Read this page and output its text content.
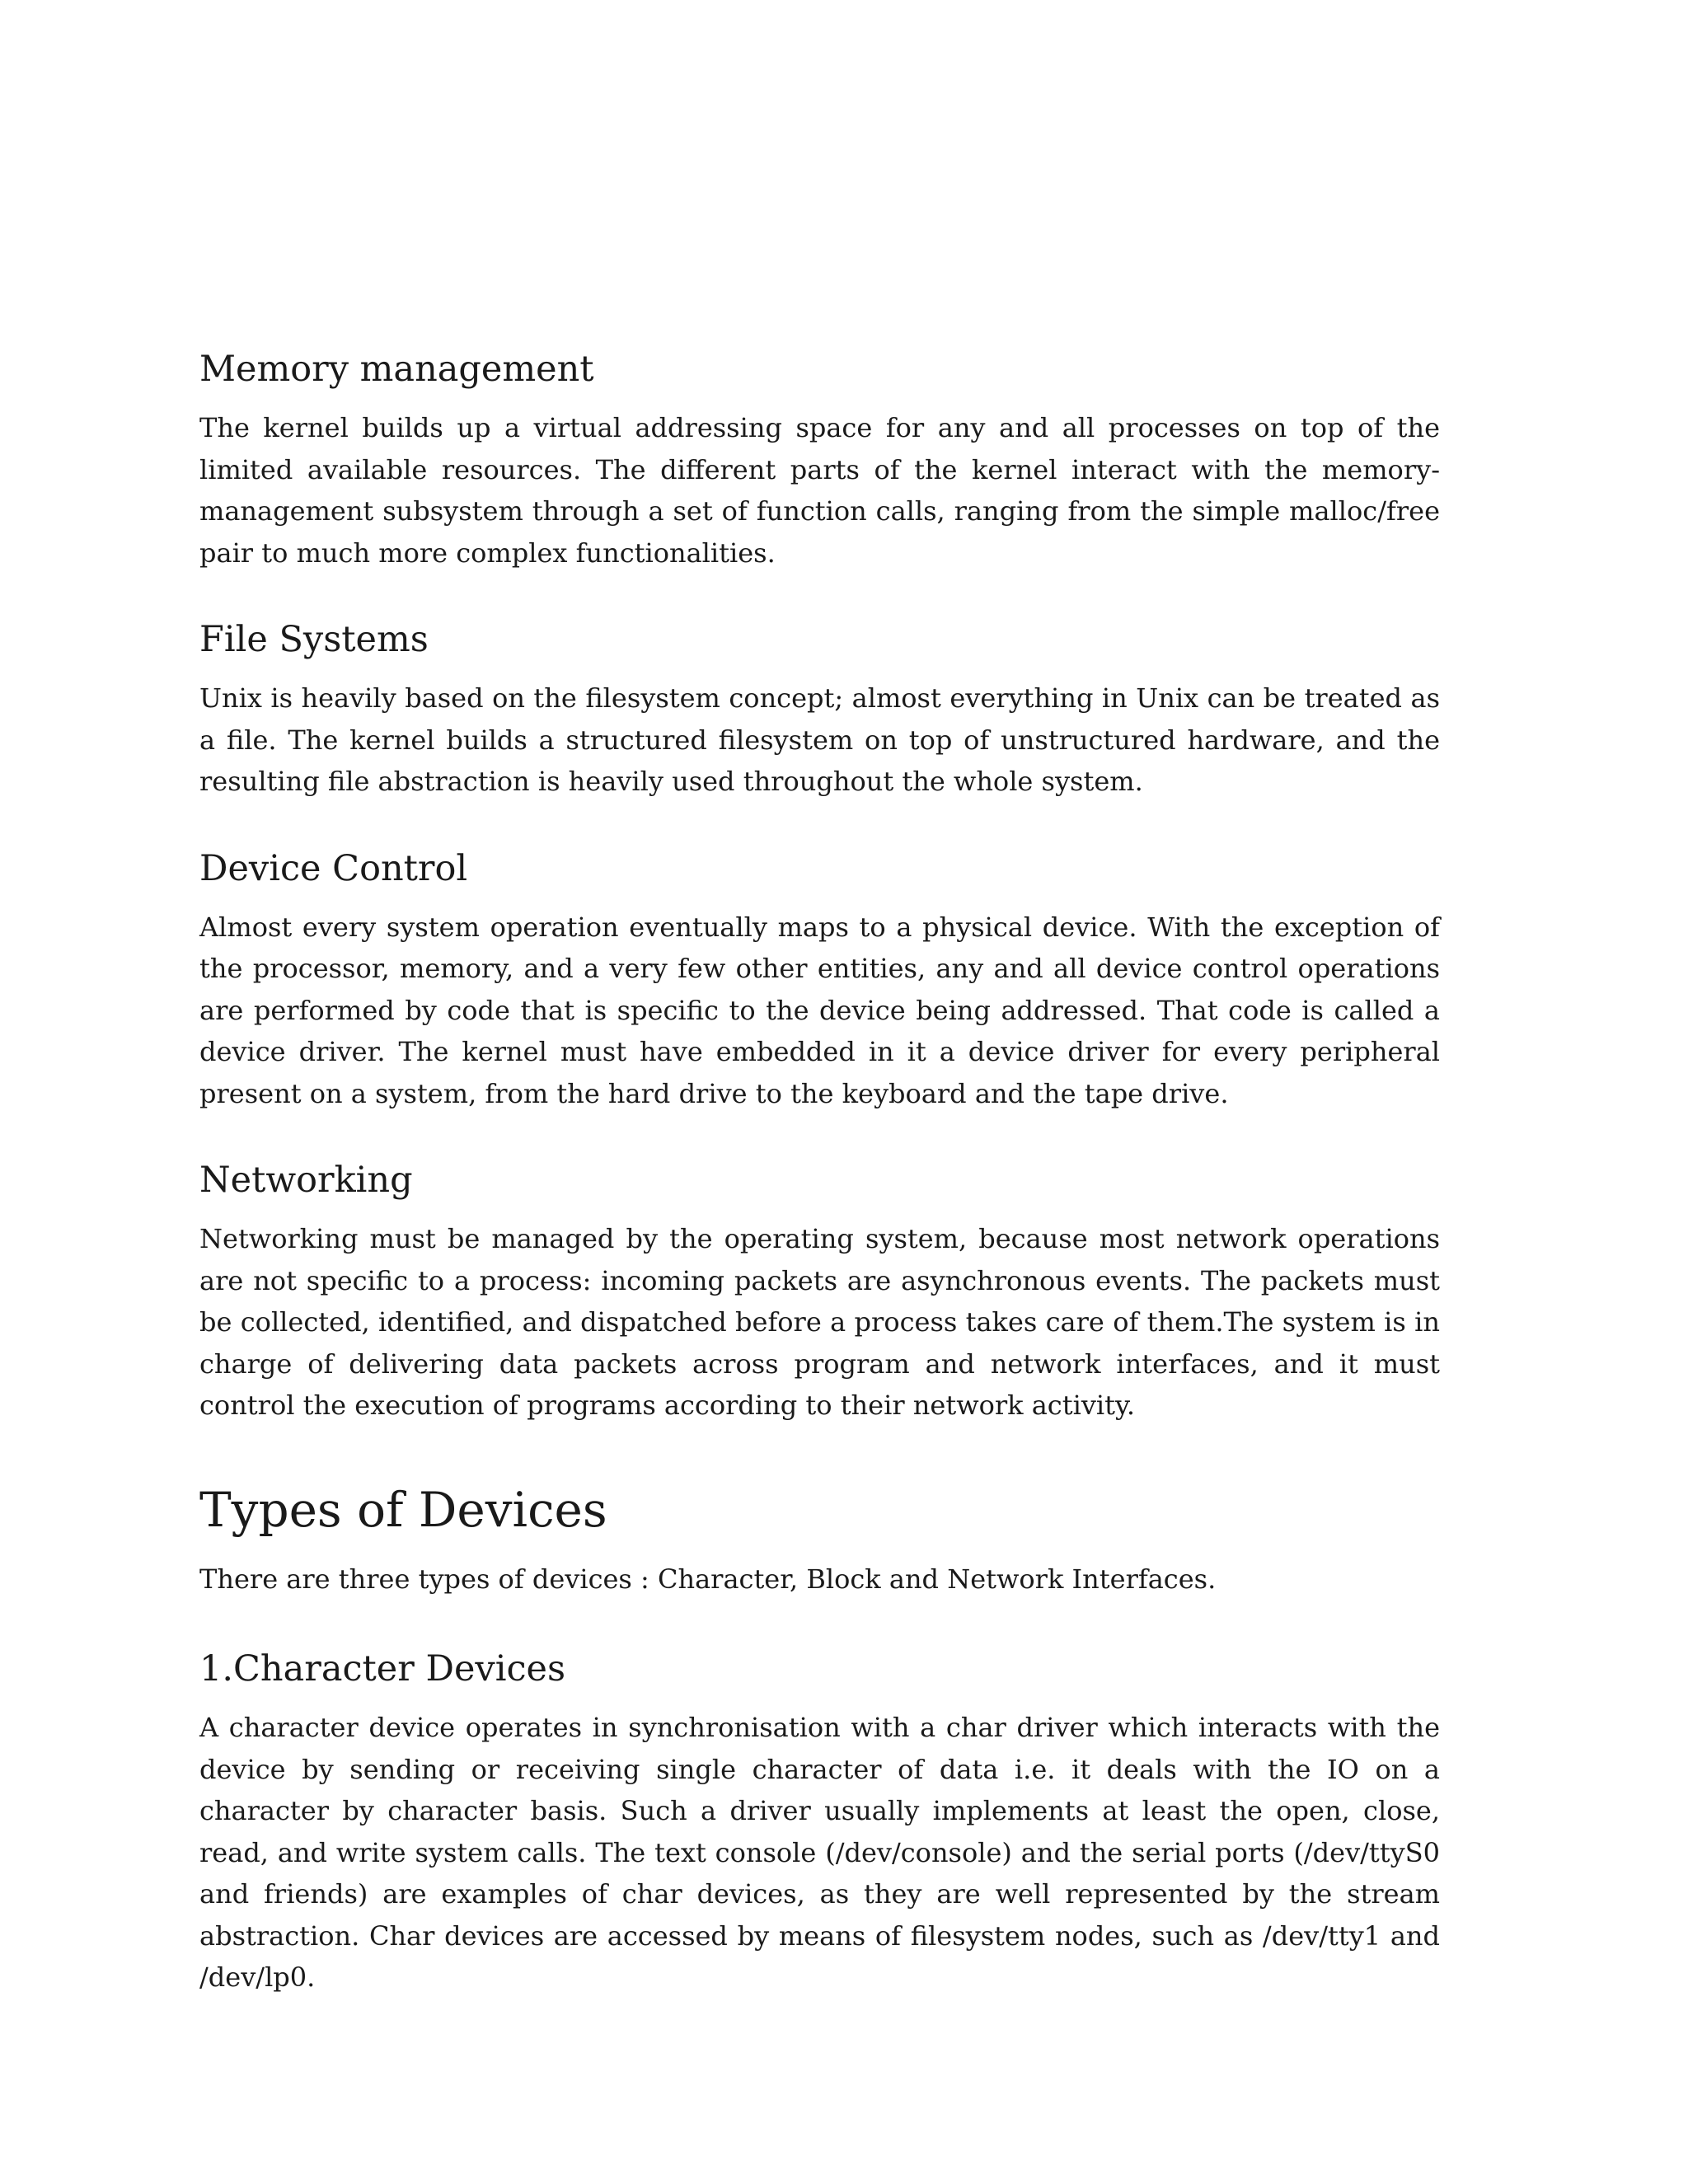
Memory management

The kernel builds up a virtual addressing space for any and all processes on top of the limited available resources. The different parts of the kernel interact with the memory-management subsystem through a set of function calls, ranging from the simple malloc/free pair to much more complex functionalities.

File Systems

Unix is heavily based on the filesystem concept; almost everything in Unix can be treated as a file. The kernel builds a structured filesystem on top of unstructured hardware, and the resulting file abstraction is heavily used throughout the whole system.

Device Control

Almost every system operation eventually maps to a physical device. With the exception of the processor, memory, and a very few other entities, any and all device control operations are performed by code that is specific to the device being addressed. That code is called a device driver. The kernel must have embedded in it a device driver for every peripheral present on a system, from the hard drive to the keyboard and the tape drive.

Networking

Networking must be managed by the operating system, because most network operations are not specific to a process: incoming packets are asynchronous events. The packets must be collected, identified, and dispatched before a process takes care of them.The system is in charge of delivering data packets across program and network interfaces, and it must control the execution of programs according to their network activity.

Types of Devices

There are three types of devices : Character, Block and Network Interfaces.

1.Character Devices

A character device operates in synchronisation with a char driver which interacts with the device by sending or receiving single character of data i.e. it deals with the IO on a character by character basis. Such a driver usually implements at least the open, close, read, and write system calls. The text console (/dev/console) and the serial ports (/dev/ttyS0 and friends) are examples of char devices, as they are well represented by the stream abstraction. Char devices are accessed by means of filesystem nodes, such as /dev/tty1 and /dev/lp0.
